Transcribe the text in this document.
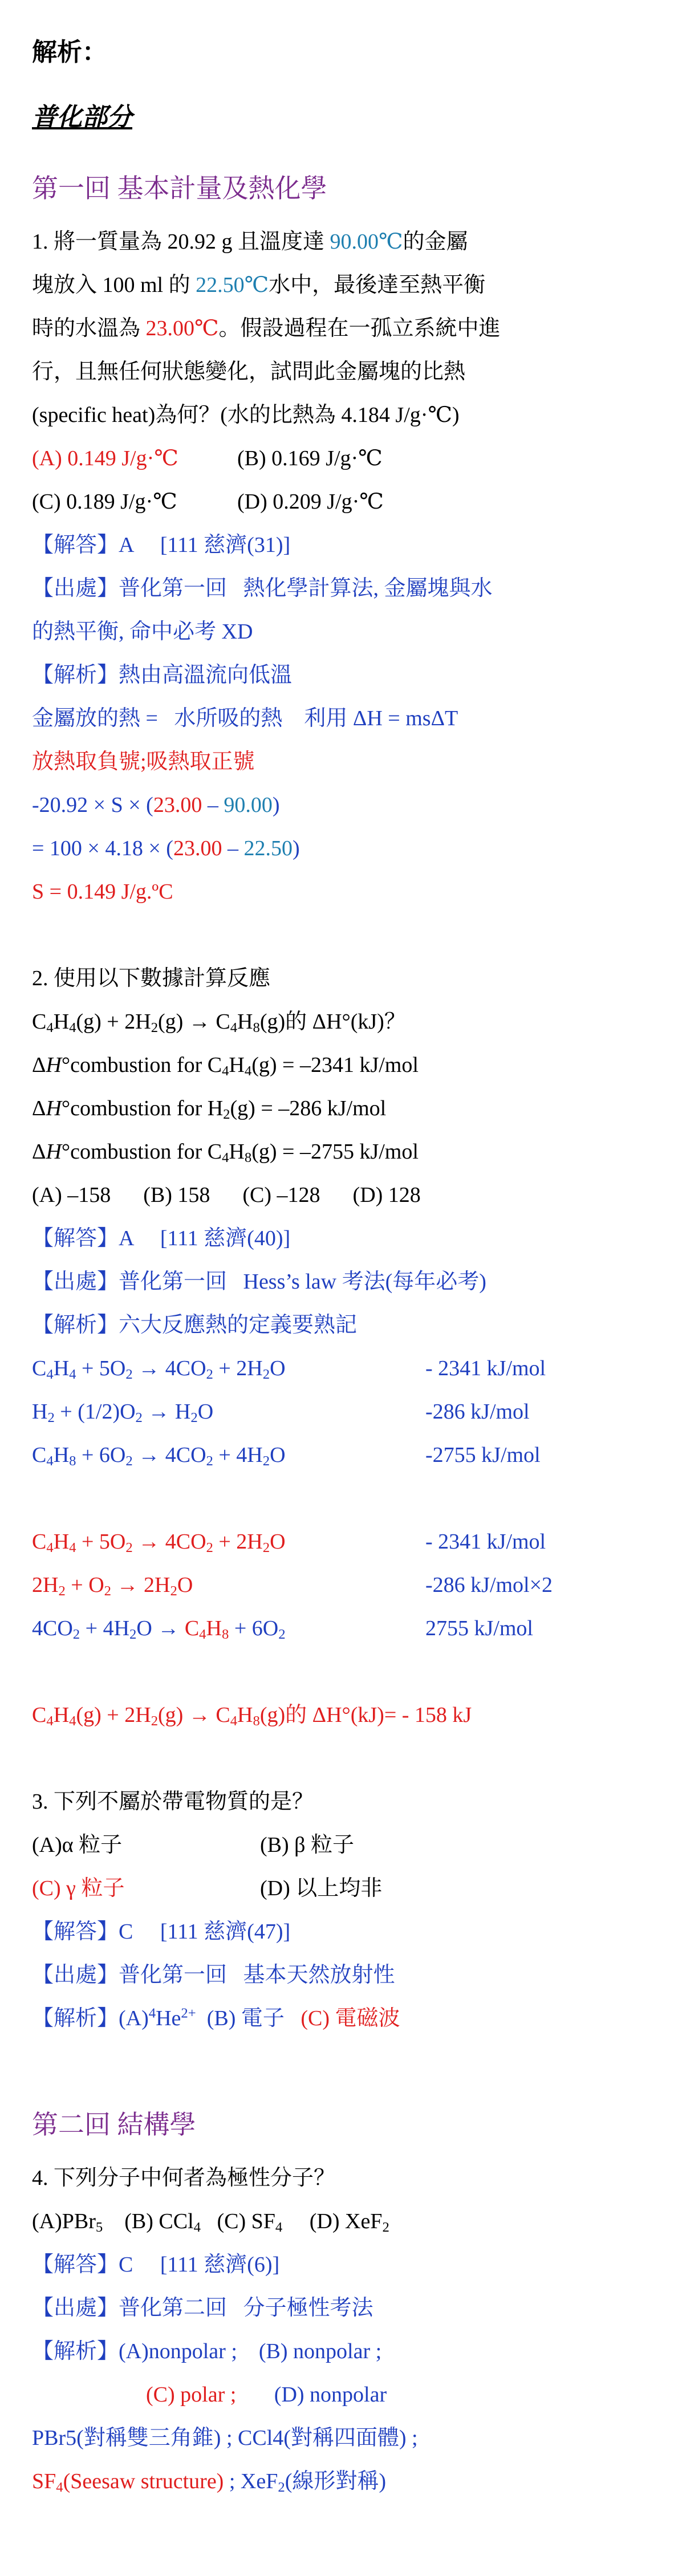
解析：
普化部分
第一回 基本計量及熱化學
1. 將一質量為 20.92 g 且溫度達 90.00℃的金屬
塊放入 100 ml 的 22.50℃水中，最後達至熱平衡
時的水溫為 23.00℃。假設過程在一孤立系統中進
行，且無任何狀態變化，試問此金屬塊的比熱
(specific heat)為何？(水的比熱為 4.184 J/g·℃)
(A) 0.149 J/g·℃	(B) 0.169 J/g·℃
(C) 0.189 J/g·℃	(D) 0.209 J/g·℃
【解答】A     [111 慈濟(31)]
【出處】普化第一回   熱化學計算法, 金屬塊與水
的熱平衡, 命中必考 XD
【解析】熱由高溫流向低溫
金屬放的熱 =   水所吸的熱    利用 ΔH = msΔT
放熱取負號;吸熱取正號
-20.92 × S × (23.00 – 90.00)
= 100 × 4.18 × (23.00 – 22.50)
S = 0.149 J/g.ºC
2. 使用以下數據計算反應
$C_4H_4(g) + 2H_2(g) \to C_4H_8(g)$的 ΔH°(kJ)？
ΔH°combustion for $C_4H_4(g) = -2341$ kJ/mol
ΔH°combustion for $H_2(g) = -286$ kJ/mol
ΔH°combustion for $C_4H_8(g) = -2755$ kJ/mol
(A) –158      (B) 158      (C) –128      (D) 128
【解答】A     [111 慈濟(40)]
【出處】普化第一回   Hess’s law 考法(每年必考)
【解析】六大反應熱的定義要熟記
$C_4H_4 + 5O_2 \to 4CO_2 + 2H_2O$	- 2341 kJ/mol
$H_2 + (1/2)O_2 \to H_2O$	-286 kJ/mol
$C_4H_8 + 6O_2 \to 4CO_2 + 4H_2O$	-2755 kJ/mol
$C_4H_4 + 5O_2 \to 4CO_2 + 2H_2O$	- 2341 kJ/mol
$2H_2 + O_2 \to 2H_2O$	-286 kJ/mol×2
$4CO_2 + 4H_2O \to C_4H_8 + 6O_2$	2755 kJ/mol
$C_4H_4(g) + 2H_2(g) \to C_4H_8(g)$的 ΔH°(kJ)= - 158 kJ
3. 下列不屬於帶電物質的是？
(A)α 粒子	(B) β 粒子
(C) γ 粒子	(D) 以上均非
【解答】C     [111 慈濟(47)]
【出處】普化第一回   基本天然放射性
【解析】$(A)^4He^{2+}$ (B) 電子   (C) 電磁波
第二回 結構學
4. 下列分子中何者為極性分子？
(A)PBr$_5$    (B) CCl$_4$   (C) $SF_4$     (D) XeF$_2$
【解答】C     [111 慈濟(6)]
【出處】普化第二回   分子極性考法
【解析】(A)nonpolar ;    (B) nonpolar ;
(C) polar ;       (D) nonpolar
PBr5(對稱雙三角錐) ; CCl4(對稱四面體) ;
$SF_4(Seesaw$ structure) ; XeF$_2$(線形對稱)
